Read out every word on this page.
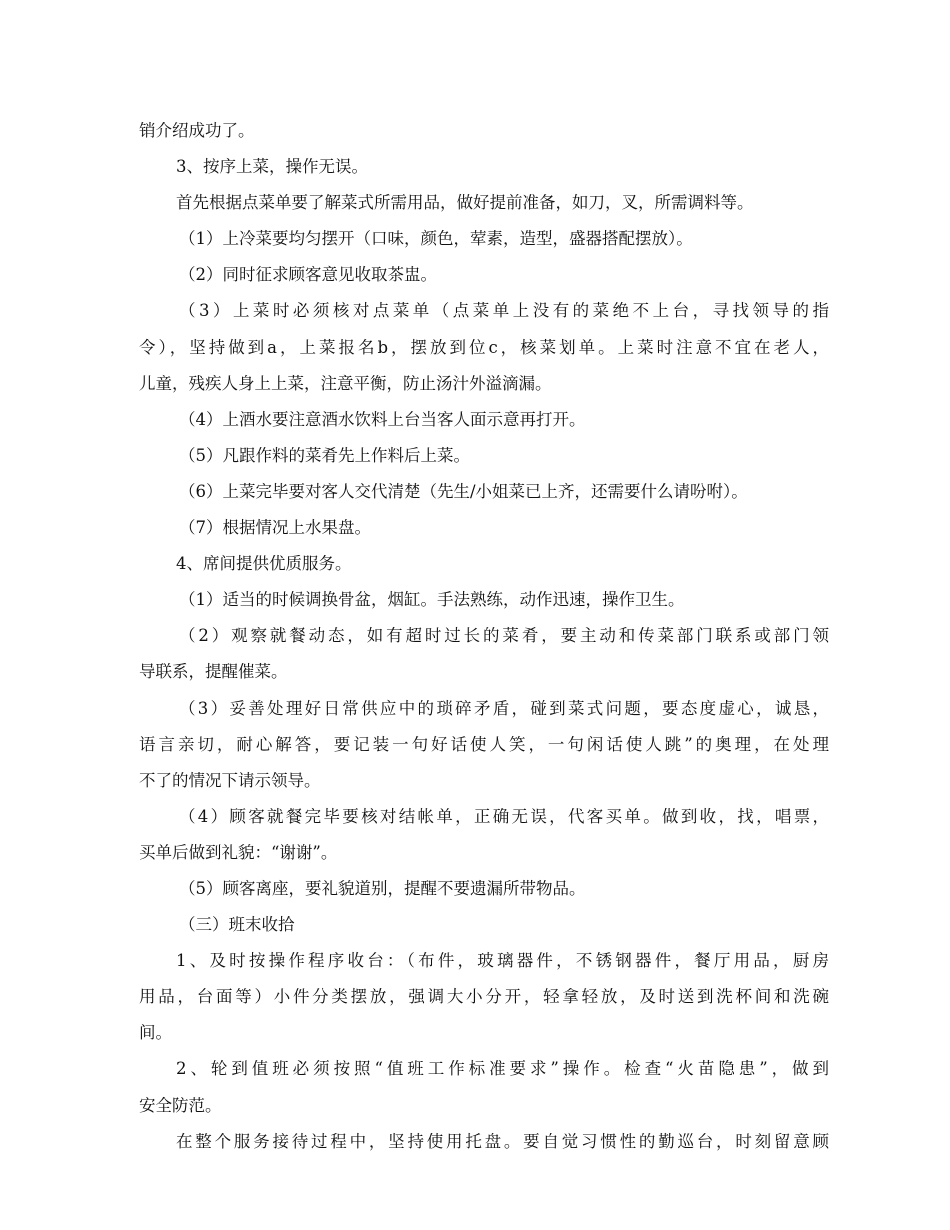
销介绍成功了。
3、按序上菜，操作无误。
首先根据点菜单要了解菜式所需用品，做好提前准备，如刀，叉，所需调料等。
（1）上冷菜要均匀摆开（口味，颜色，荤素，造型，盛器搭配摆放）。
（2）同时征求顾客意见收取茶盅。
（3）上菜时必须核对点菜单（点菜单上没有的菜绝不上台，寻找领导的指
令），坚持做到a，上菜报名b，摆放到位c，核菜划单。上菜时注意不宜在老人，
儿童，残疾人身上上菜，注意平衡，防止汤汁外溢滴漏。
（4）上酒水要注意酒水饮料上台当客人面示意再打开。
（5）凡跟作料的菜肴先上作料后上菜。
（6）上菜完毕要对客人交代清楚（先生/小姐菜已上齐，还需要什么请吩咐）。
（7）根据情况上水果盘。
4、席间提供优质服务。
（1）适当的时候调换骨盆，烟缸。手法熟练，动作迅速，操作卫生。
（2）观察就餐动态，如有超时过长的菜肴，要主动和传菜部门联系或部门领
导联系，提醒催菜。
（3）妥善处理好日常供应中的琐碎矛盾，碰到菜式问题，要态度虚心，诚恳，
语言亲切，耐心解答，要记装一句好话使人笑，一句闲话使人跳”的奥理，在处理
不了的情况下请示领导。
（4）顾客就餐完毕要核对结帐单，正确无误，代客买单。做到收，找，唱票，
买单后做到礼貌：“谢谢”。
（5）顾客离座，要礼貌道别，提醒不要遗漏所带物品。
（三）班末收拾
1、及时按操作程序收台：（布件，玻璃器件，不锈钢器件，餐厅用品，厨房
用品，台面等）小件分类摆放，强调大小分开，轻拿轻放，及时送到洗杯间和洗碗
间。
2、轮到值班必须按照“值班工作标准要求”操作。检查“火苗隐患”，做到
安全防范。
在整个服务接待过程中，坚持使用托盘。要自觉习惯性的勤巡台，时刻留意顾
